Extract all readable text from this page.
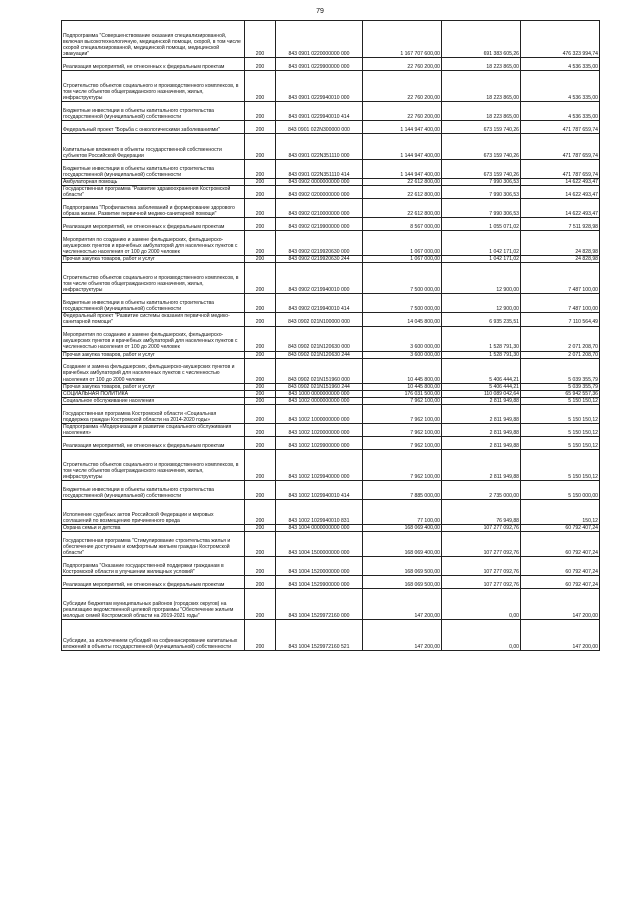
79
Подпрограмма "Совершенствование оказания специализированной, включая высокотехнологичную, медицинской помощи, скорой, в том числе скорой специализированной, медицинской помощи, медицинской эвакуации"	200	843 0901 0220000000 000	1 167 707 600,00	691 383 605,26	476 323 994,74
Реализация мероприятий, не отнесенных к федеральным проектам	200	843 0901 0229900000 000	22 760 200,00	18 223 865,00	4 536 335,00
Строительство объектов социального и производственного комплексов, в том числе объектов общегражданского назначения, жилья, инфраструктуры	200	843 0901 0229940010 000	22 760 200,00	18 223 865,00	4 536 335,00
Бюджетные инвестиции в объекты капитального строительства государственной (муниципальной) собственности	200	843 0901 0229940010 414	22 760 200,00	18 223 865,00	4 536 335,00
Федеральный проект "Борьба с онкологическими заболеваниями"	200	843 0901 022N300000 000	1 144 947 400,00	673 159 740,26	471 787 659,74
Капитальные вложения в объекты государственной собственности субъектов Российской Федерации	200	843 0901 022N351110 000	1 144 947 400,00	673 159 740,26	471 787 659,74
Бюджетные инвестиции в объекты капитального строительства государственной (муниципальной) собственности	200	843 0901 022N351110 414	1 144 947 400,00	673 159 740,26	471 787 659,74
Амбулаторная помощь	200	843 0902 0000000000 000	22 612 800,00	7 990 306,53	14 622 493,47
Государственная программа "Развитие здравоохранения Костромской области"	200	843 0902 0200000000 000	22 612 800,00	7 990 306,53	14 622 493,47
Подпрограмма "Профилактика заболеваний и формирование здорового образа жизни. Развитие первичной медико-санитарной помощи"	200	843 0902 0210000000 000	22 612 800,00	7 990 306,53	14 622 493,47
Реализация мероприятий, не отнесенных к федеральным проектам	200	843 0902 0219900000 000	8 567 000,00	1 055 071,02	7 511 928,98
Мероприятия по созданию и замене фельдшерских, фельдшерско-акушерских пунктов и врачебных амбулаторий для населенных пунктов с численностью населения от 100 до 2000 человек	200	843 0902 0219920630 000	1 067 000,00	1 042 171,02	24 828,98
Прочая закупка товаров, работ и услуг	200	843 0902 0219920630 244	1 067 000,00	1 042 171,02	24 828,98
Строительство объектов социального и производственного комплексов, в том числе объектов общегражданского назначения, жилья, инфраструктуры	200	843 0902 0219940010 000	7 500 000,00	12 900,00	7 487 100,00
Бюджетные инвестиции в объекты капитального строительства государственной (муниципальной) собственности	200	843 0902 0219940010 414	7 500 000,00	12 900,00	7 487 100,00
Федеральный проект "Развитие системы оказания первичной медико-санитарной помощи"	200	843 0902 021N100000 000	14 045 800,00	6 935 235,51	7 110 564,49
Мероприятия по созданию и замене фельдшерских, фельдшерско-акушерских пунктов и врачебных амбулаторий для населенных пунктов с численностью населения от 100 до 2000 человек	200	843 0902 021N120630 000	3 600 000,00	1 528 791,30	2 071 208,70
Прочая закупка товаров, работ и услуг	200	843 0902 021N120630 244	3 600 000,00	1 528 791,30	2 071 208,70
Создание и замена фельдшерских, фельдшерско-акушерских пунктов и врачебных амбулаторий для населенных пунктов с численностью населения от 100 до 2000 человек	200	843 0902 021N151960 000	10 445 800,00	5 406 444,21	5 039 355,79
Прочая закупка товаров, работ и услуг	200	843 0902 021N151960 244	10 445 800,00	5 406 444,21	5 039 355,79
СОЦИАЛЬНАЯ ПОЛИТИКА	200	843 1000 0000000000 000	176 031 500,00	110 089 042,64	65 942 557,36
Социальное обслуживание населения	200	843 1002 0000000000 000	7 962 100,00	2 811 949,88	5 150 150,12
Государственная программа Костромской области «Социальная поддержка граждан Костромской области на 2014-2020 годы»	200	843 1002 1000000000 000	7 962 100,00	2 811 949,88	5 150 150,12
Подпрограмма «Модернизация и развитие социального обслуживания населения»	200	843 1002 1020000000 000	7 962 100,00	2 811 949,88	5 150 150,12
Реализация мероприятий, не отнесенных к федеральным проектам	200	843 1002 1029900000 000	7 962 100,00	2 811 949,88	5 150 150,12
Строительство объектов социального и производственного комплексов, в том числе объектов общегражданского назначения, жилья, инфраструктуры	200	843 1002 1029940000 000	7 962 100,00	2 811 949,88	5 150 150,12
Бюджетные инвестиции в объекты капитального строительства государственной (муниципальной) собственности	200	843 1002 1029940010 414	7 885 000,00	2 735 000,00	5 150 000,00
Исполнение судебных актов Российской Федерации и мировых соглашений по возмещению причиненного вреда	200	843 1002 1029940010 831	77 100,00	76 949,88	150,12
Охрана семьи и детства	200	843 1004 0000000000 000	168 069 400,00	107 277 092,76	60 792 407,24
Государственная программа "Стимулирование строительства жилья и обеспечение доступным и комфортным жильем граждан Костромской области"	200	843 1004 1500000000 000	168 069 400,00	107 277 092,76	60 792 407,24
Подпрограмма "Оказание государственной поддержки гражданам в Костромской области в улучшении жилищных условий"	200	843 1004 1520000000 000	168 069 500,00	107 277 092,76	60 792 407,24
Реализация мероприятий, не отнесенных к федеральным проектам	200	843 1004 1529900000 000	168 069 500,00	107 277 092,76	60 792 407,24
Субсидии бюджетам муниципальных районов (городских округов) на реализацию ведомственной целевой программы "Обеспечение жильем молодых семей Костромской области на 2019-2021 годы"	200	843 1004 1529972160 000	147 200,00	0,00	147 200,00
Субсидии, за исключением субсидий на софинансирование капитальных вложений в объекты государственной (муниципальной) собственности	200	843 1004 1529972160 521	147 200,00	0,00	147 200,00
